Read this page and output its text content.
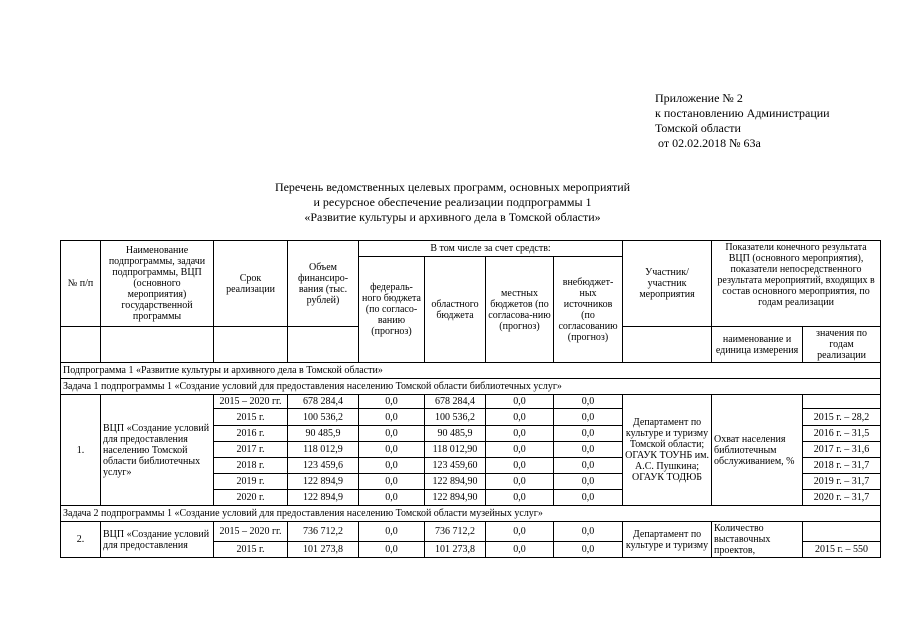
Приложение № 2
к постановлению Администрации
Томской области
от 02.02.2018 № 63а
Перечень ведомственных целевых программ, основных мероприятий
и ресурсное обеспечение реализации подпрограммы 1
«Развитие культуры и архивного дела в Томской области»
№ п/п	Наименование подпрограммы, задачи подпрограммы, ВЦП (основного мероприятия) государственной программы	Срок реализации	Объем финансиро-вания (тыс. рублей)	В том числе за счет средств:				Участник/ участник мероприятия	Показатели конечного результата ВЦП (основного мероприятия), показатели непосредственного результата мероприятий, входящих в состав основного мероприятия, по годам реализации	
				федераль-ного бюджета (по согласо-ванию (прогноз)	областного бюджета	местных бюджетов (по согласова-нию (прогноз)	внебюджет-ных источников (по согласованию (прогноз)			
									наименование и единица измерения	значения по годам реализации
Подпрограмма 1 «Развитие культуры и архивного дела в Томской области»										
Задача 1 подпрограммы 1 «Создание условий для предоставления населению Томской области библиотечных услуг»										
1.	ВЦП «Создание условий для предоставления населению Томской области библиотечных услуг»	2015 – 2020 гг.	678 284,4	0,0	678 284,4	0,0	0,0	Департамент по культуре и туризму Томской области; ОГАУК ТОУНБ им. А.С. Пушкина; ОГАУК ТОДЮБ	Охват населения библиотечным обслуживанием, %	
		2015 г.	100 536,2	0,0	100 536,2	0,0	0,0			2015 г. – 28,2
		2016 г.	90 485,9	0,0	90 485,9	0,0	0,0			2016 г. – 31,5
		2017 г.	118 012,9	0,0	118 012,90	0,0	0,0			2017 г. – 31,6
		2018 г.	123 459,6	0,0	123 459,60	0,0	0,0			2018 г. – 31,7
		2019 г.	122 894,9	0,0	122 894,90	0,0	0,0			2019 г. – 31,7
		2020 г.	122 894,9	0,0	122 894,90	0,0	0,0			2020 г. – 31,7
Задача 2 подпрограммы 1 «Создание условий для предоставления населению Томской области музейных услуг»										
2.	ВЦП «Создание условий для предоставления	2015 – 2020 гг.	736 712,2	0,0	736 712,2	0,0	0,0	Департамент по культуре и туризму	Количество выставочных проектов,	
		2015 г.	101 273,8	0,0	101 273,8	0,0	0,0			2015 г. – 550
